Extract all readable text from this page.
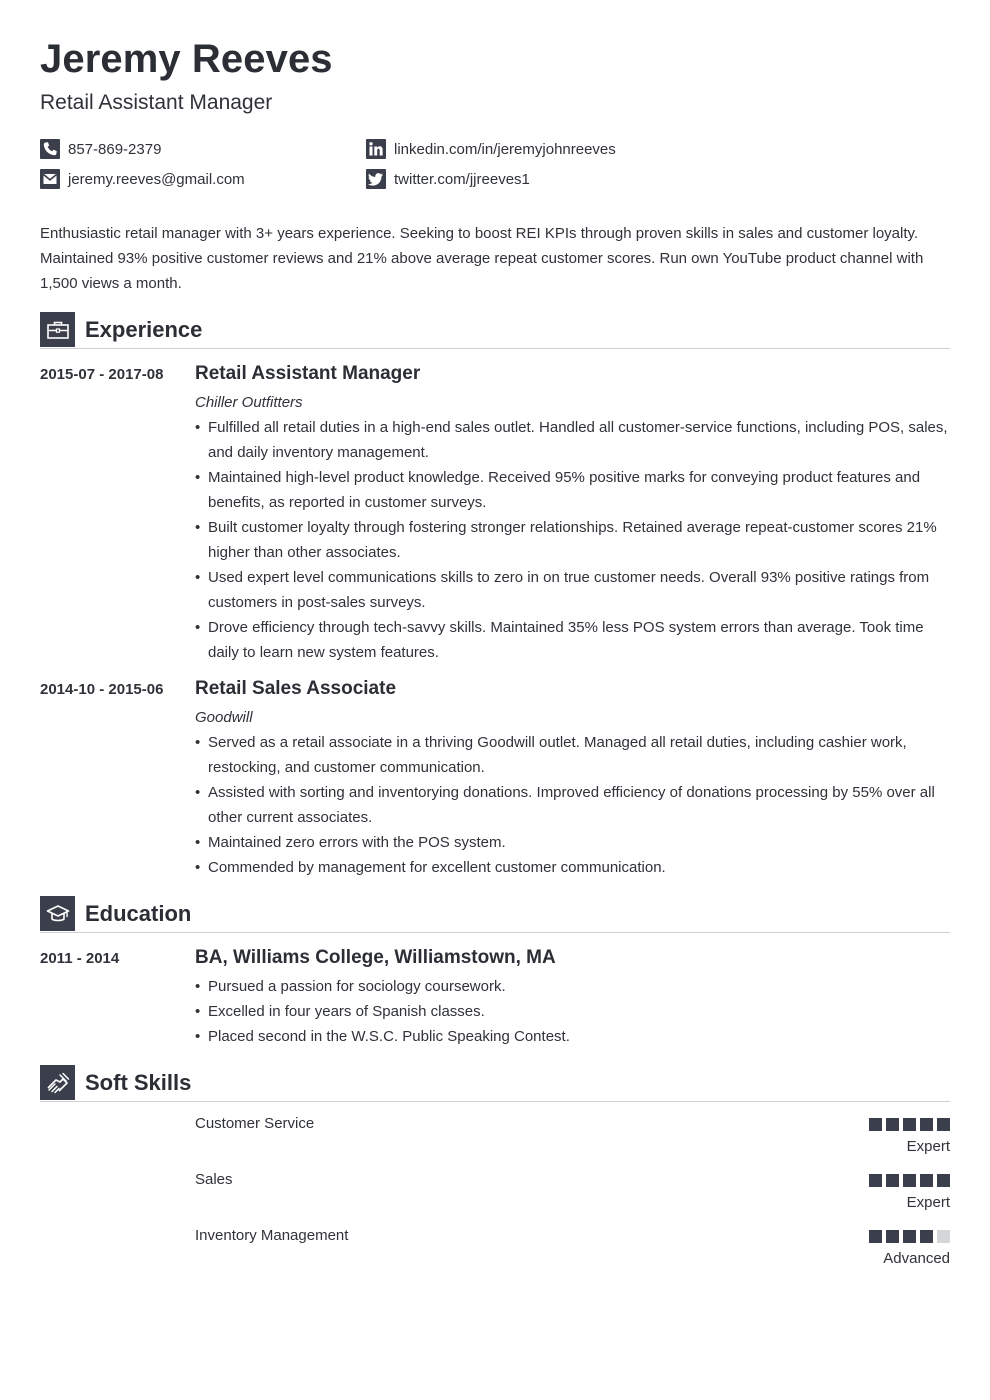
Jeremy Reeves
Retail Assistant Manager
857-869-2379
jeremy.reeves@gmail.com
linkedin.com/in/jeremyjohnreeves
twitter.com/jjreeves1
Enthusiastic retail manager with 3+ years experience. Seeking to boost REI KPIs through proven skills in sales and customer loyalty. Maintained 93% positive customer reviews and 21% above average repeat customer scores. Run own YouTube product channel with 1,500 views a month.
Experience
2015-07 - 2017-08 Retail Assistant Manager
Chiller Outfitters
• Fulfilled all retail duties in a high-end sales outlet. Handled all customer-service functions, including POS, sales, and daily inventory management.
• Maintained high-level product knowledge. Received 95% positive marks for conveying product features and benefits, as reported in customer surveys.
• Built customer loyalty through fostering stronger relationships. Retained average repeat-customer scores 21% higher than other associates.
• Used expert level communications skills to zero in on true customer needs. Overall 93% positive ratings from customers in post-sales surveys.
• Drove efficiency through tech-savvy skills. Maintained 35% less POS system errors than average. Took time daily to learn new system features.
2014-10 - 2015-06 Retail Sales Associate
Goodwill
• Served as a retail associate in a thriving Goodwill outlet. Managed all retail duties, including cashier work, restocking, and customer communication.
• Assisted with sorting and inventorying donations. Improved efficiency of donations processing by 55% over all other current associates.
• Maintained zero errors with the POS system.
• Commended by management for excellent customer communication.
Education
2011 - 2014	BA, Williams College, Williamstown, MA
• Pursued a passion for sociology coursework.
• Excelled in four years of Spanish classes.
• Placed second in the W.S.C. Public Speaking Contest.
Soft Skills
Customer Service
Expert
Sales
Expert
Inventory Management
Advanced
